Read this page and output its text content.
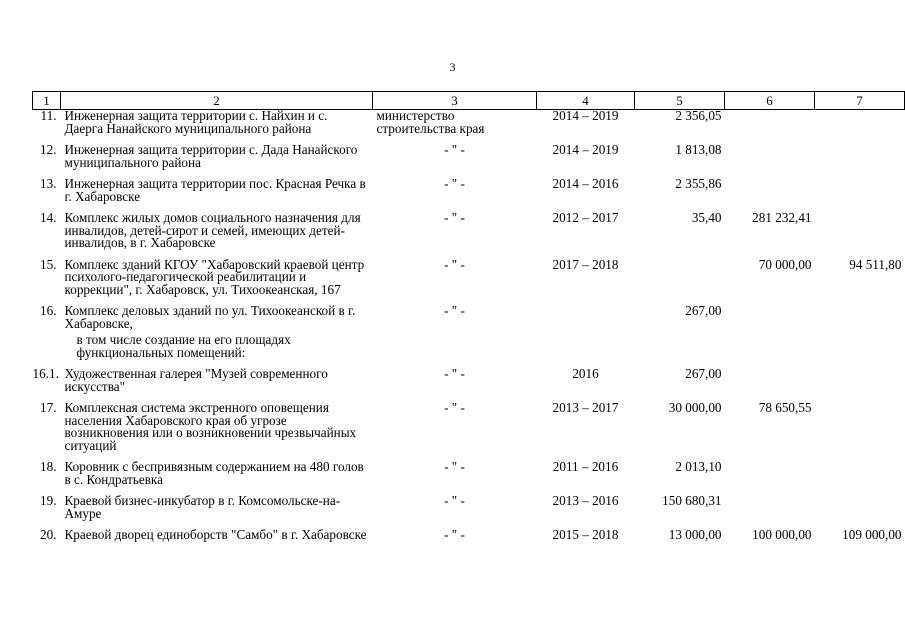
3
1	2	3	4	5	6	7
11.	Инженерная защита территории с. Найхин и с. Даерга Нанайского муниципального района	министерство строительства края	2014 – 2019	2 356,05		
12.	Инженерная защита территории с. Дада Нанайского муниципального района	- " -	2014 – 2019	1 813,08		
13.	Инженерная защита территории пос. Красная Речка в г. Хабаровске	- " -	2014 – 2016	2 355,86		
14.	Комплекс жилых домов социального назначения для инвалидов, детей-сирот и семей, имеющих детей-инвалидов, в г. Хабаровске	- " -	2012 – 2017	35,40	281 232,41	
15.	Комплекс зданий КГОУ "Хабаровский краевой центр психолого-педагогической реабилитации и коррекции", г. Хабаровск, ул. Тихоокеанская, 167	- " -	2017 – 2018		70 000,00	94 511,80
16.	Комплекс деловых зданий по ул. Тихоокеанской в г. Хабаровске,	- " -		267,00		
	в том числе создание на его площадях функциональных помещений:					
16.1.	Художественная галерея "Музей современного искусства"	- " -	2016	267,00		
17.	Комплексная система экстренного оповещения населения Хабаровского края об угрозе возникновения или о возникновении чрезвычайных ситуаций	- " -	2013 – 2017	30 000,00	78 650,55	
18.	Коровник с беспривязным содержанием на 480 голов в с. Кондратьевка	- " -	2011 – 2016	2 013,10		
19.	Краевой бизнес-инкубатор в г. Комсомольске-на-Амуре	- " -	2013 – 2016	150 680,31		
20.	Краевой дворец единоборств "Самбо" в г. Хабаровске	- " -	2015 – 2018	13 000,00	100 000,00	109 000,00
